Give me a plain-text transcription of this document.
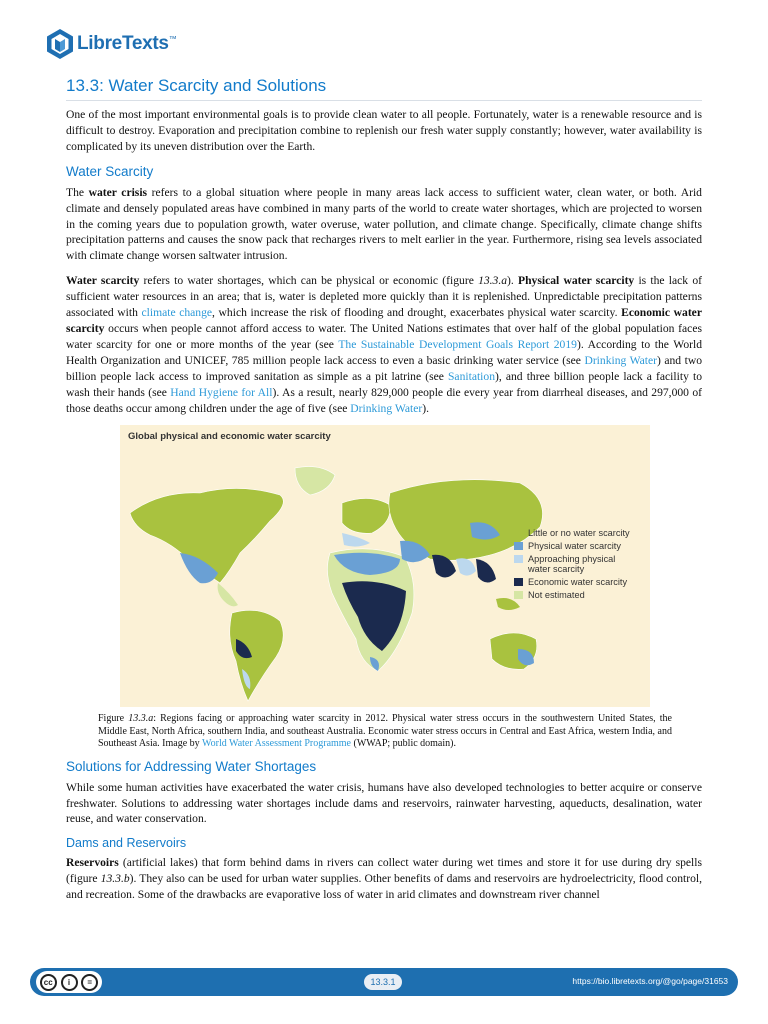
LibreTexts™
13.3: Water Scarcity and Solutions

One of the most important environmental goals is to provide clean water to all people. Fortunately, water is a renewable resource and is difficult to destroy. Evaporation and precipitation combine to replenish our fresh water supply constantly; however, water availability is complicated by its uneven distribution over the Earth.

Water Scarcity

The water crisis refers to a global situation where people in many areas lack access to sufficient water, clean water, or both. Arid climate and densely populated areas have combined in many parts of the world to create water shortages, which are projected to worsen in the coming years due to population growth, water overuse, water pollution, and climate change. Specifically, climate change shifts precipitation patterns and causes the snow pack that recharges rivers to melt earlier in the year. Furthermore, rising sea levels associated with climate change worsen saltwater intrusion.

Water scarcity refers to water shortages, which can be physical or economic (figure 13.3.a). Physical water scarcity is the lack of sufficient water resources in an area; that is, water is depleted more quickly than it is replenished. Unpredictable precipitation patterns associated with climate change, which increase the risk of flooding and drought, exacerbates physical water scarcity. Economic water scarcity occurs when people cannot afford access to water. The United Nations estimates that over half of the global population faces water scarcity for one or more months of the year (see The Sustainable Development Goals Report 2019). According to the World Health Organization and UNICEF, 785 million people lack access to even a basic drinking water service (see Drinking Water) and two billion people lack access to improved sanitation as simple as a pit latrine (see Sanitation), and three billion people lack a facility to wash their hands (see Hand Hygiene for All). As a result, nearly 829,000 people die every year from diarrheal diseases, and 297,000 of those deaths occur among children under the age of five (see Drinking Water).

Global physical and economic water scarcity
Little or no water scarcity
Physical water scarcity
Approaching physical water scarcity
Economic water scarcity
Not estimated

Figure 13.3.a: Regions facing or approaching water scarcity in 2012. Physical water stress occurs in the southwestern United States, the Middle East, North Africa, southern India, and southeast Australia. Economic water stress occurs in Central and East Africa, western India, and Southeast Asia. Image by World Water Assessment Programme (WWAP; public domain).

Solutions for Addressing Water Shortages

While some human activities have exacerbated the water crisis, humans have also developed technologies to better acquire or conserve freshwater. Solutions to addressing water shortages include dams and reservoirs, rainwater harvesting, aqueducts, desalination, water reuse, and water conservation.

Dams and Reservoirs

Reservoirs (artificial lakes) that form behind dams in rivers can collect water during wet times and store it for use during dry spells (figure 13.3.b). They also can be used for urban water supplies. Other benefits of dams and reservoirs are hydroelectricity, flood control, and recreation. Some of the drawbacks are evaporative loss of water in arid climates and downstream river channel

cc	i	=	13.3.1	https://bio.libretexts.org/@go/page/31653
